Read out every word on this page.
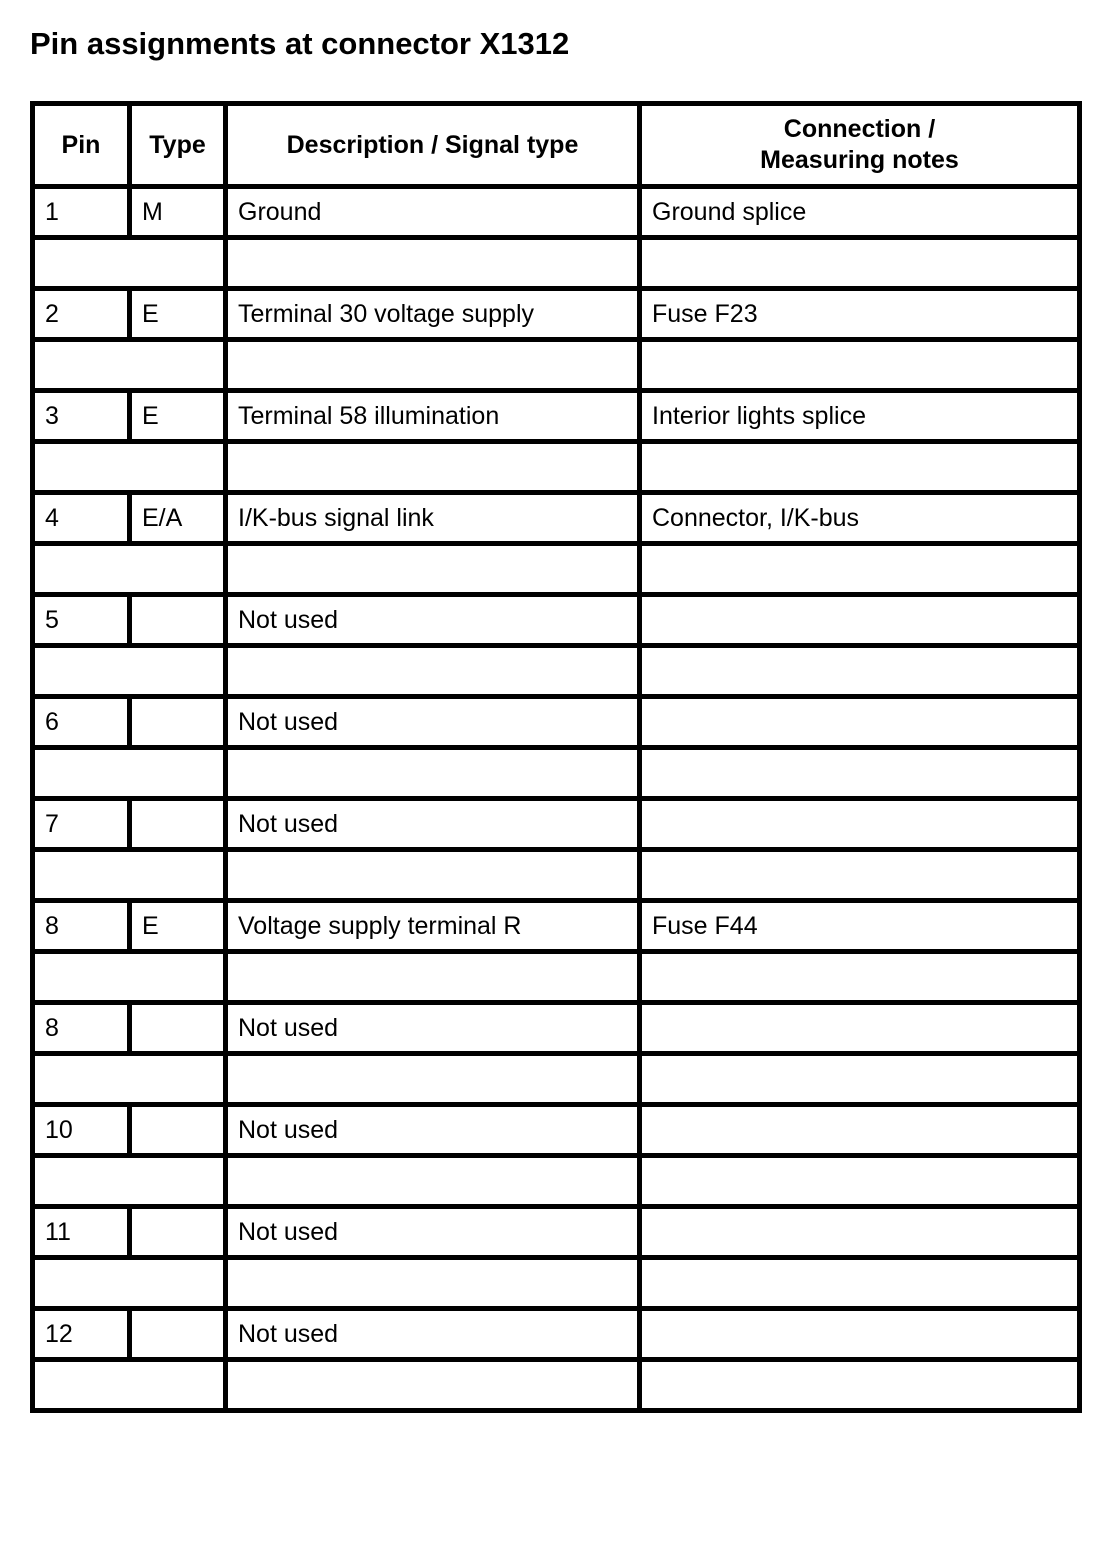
Pin assignments at connector X1312
Pin	Type	Description / Signal type	Connection /
Measuring notes
1	M	Ground	Ground splice

2	E	Terminal 30 voltage supply	Fuse F23

3	E	Terminal 58 illumination	Interior lights splice

4	E/A	I/K-bus signal link	Connector, I/K-bus

5		Not used	

6		Not used	

7		Not used	

8	E	Voltage supply terminal R	Fuse F44

8		Not used	

10		Not used	

11		Not used	

12		Not used	
